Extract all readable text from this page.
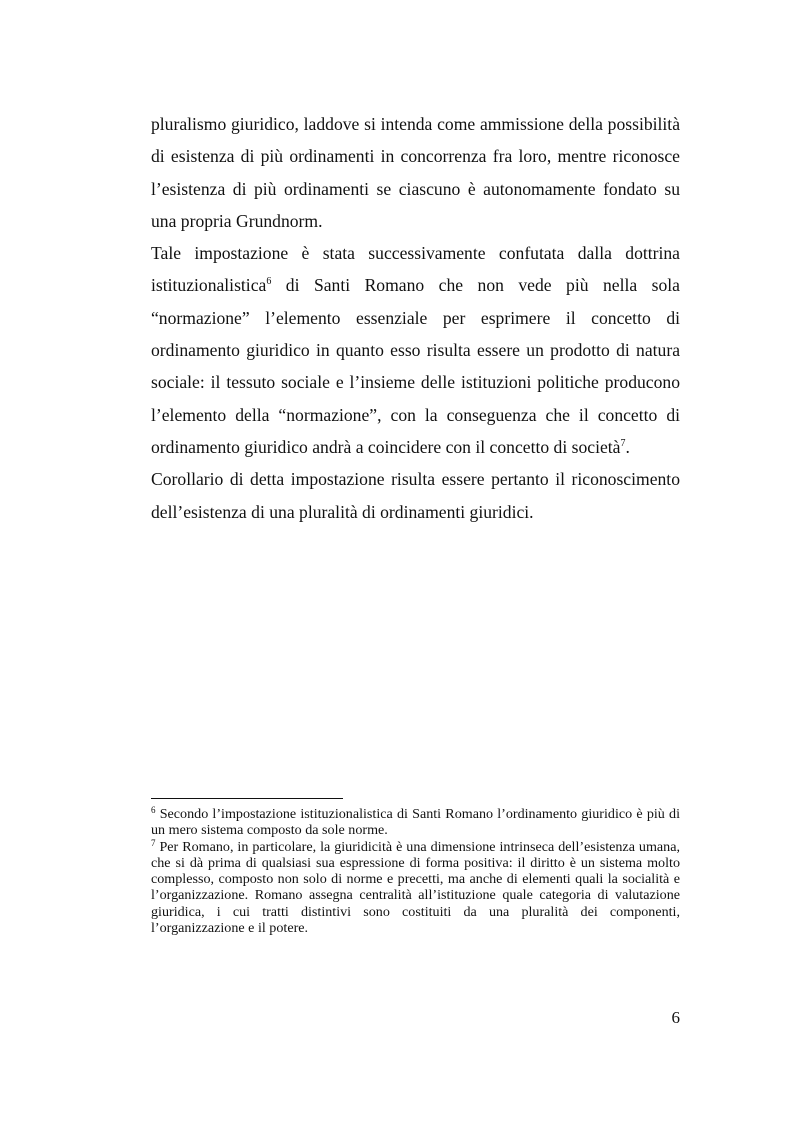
pluralismo giuridico, laddove si intenda come ammissione della possibilità di esistenza di più ordinamenti in concorrenza fra loro, mentre riconosce l’esistenza di più ordinamenti se ciascuno è autonomamente fondato su una propria Grundnorm.

Tale impostazione è stata successivamente confutata dalla dottrina istituzionalistica$^6$ di Santi Romano che non vede più nella sola “normazione” l’elemento essenziale per esprimere il concetto di ordinamento giuridico in quanto esso risulta essere un prodotto di natura sociale: il tessuto sociale e l’insieme delle istituzioni politiche producono l’elemento della “normazione”, con la conseguenza che il concetto di ordinamento giuridico andrà a coincidere con il concetto di società$^7$.

Corollario di detta impostazione risulta essere pertanto il riconoscimento dell’esistenza di una pluralità di ordinamenti giuridici.

$^6$ Secondo l’impostazione istituzionalistica di Santi Romano l’ordinamento giuridico è più di un mero sistema composto da sole norme.

$^7$ Per Romano, in particolare, la giuridicità è una dimensione intrinseca dell’esistenza umana, che si dà prima di qualsiasi sua espressione di forma positiva: il diritto è un sistema molto complesso, composto non solo di norme e precetti, ma anche di elementi quali la socialità e l’organizzazione. Romano assegna centralità all’istituzione quale categoria di valutazione giuridica, i cui tratti distintivi sono costituiti da una pluralità dei componenti, l’organizzazione e il potere.

6
